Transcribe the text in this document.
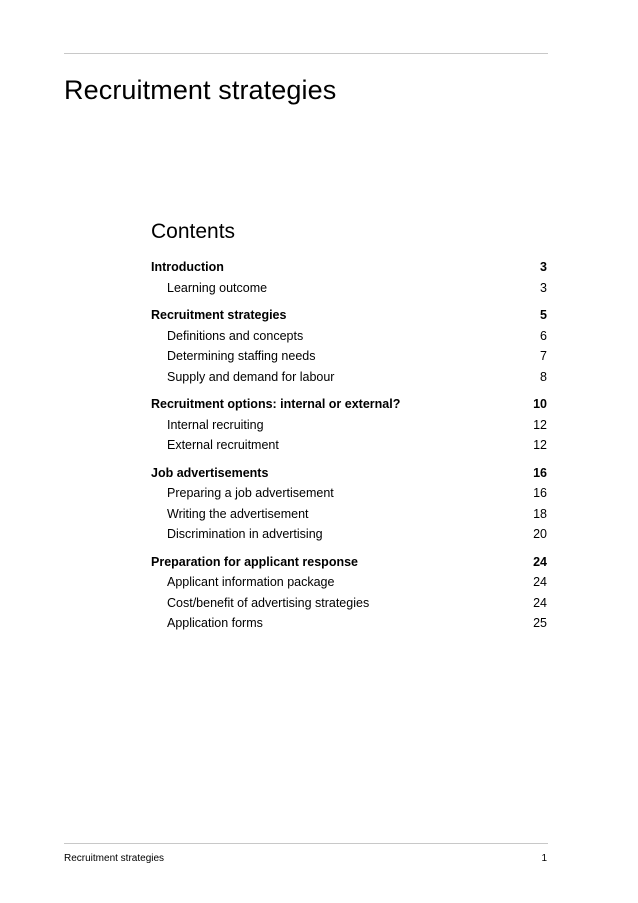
Recruitment strategies
Contents
Introduction	3
Learning outcome	3
Recruitment strategies	5
Definitions and concepts	6
Determining staffing needs	7
Supply and demand for labour	8
Recruitment options: internal or external?	10
Internal recruiting	12
External recruitment	12
Job advertisements	16
Preparing a job advertisement	16
Writing the advertisement	18
Discrimination in advertising	20
Preparation for applicant response	24
Applicant information package	24
Cost/benefit of advertising strategies	24
Application forms	25
Recruitment strategies	1
